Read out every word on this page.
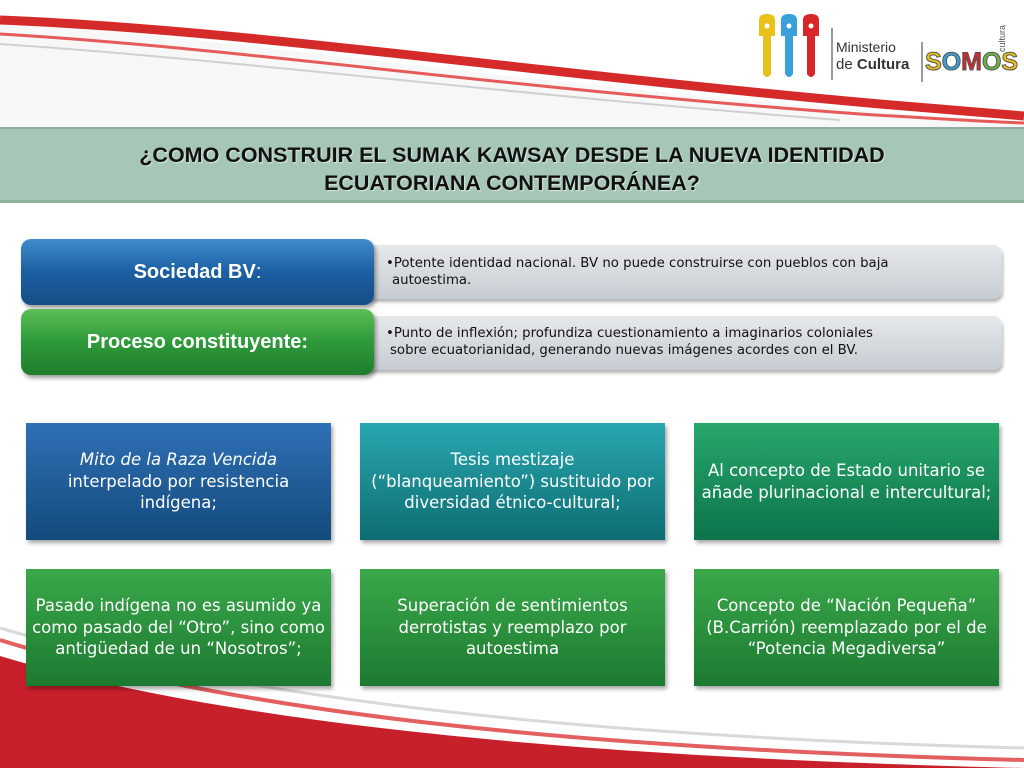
Ministerio
de Cultura S O M O S
cultura
¿COMO CONSTRUIR EL SUMAK KAWSAY DESDE LA NUEVA IDENTIDAD
ECUATORIANA CONTEMPORÁNEA?
•Potente identidad nacional. BV no puede construirse con pueblos con baja
autoestima.
Sociedad BV :
•Punto de inflexión; profundiza cuestionamiento a imaginarios coloniales
sobre ecuatorianidad, generando nuevas imágenes acordes con el BV.
Proceso constituyente:
Mito de la Raza Vencida interpelado por resistencia indígena;
Tesis mestizaje (“blanqueamiento”) sustituido por diversidad étnico-cultural;
Al concepto de Estado unitario se añade plurinacional e intercultural;
Pasado indígena no es asumido ya como pasado del “Otro”, sino como antigüedad de un “Nosotros”;
Superación de sentimientos derrotistas y reemplazo por autoestima
Concepto de “Nación Pequeña” (B.Carrión) reemplazado por el de “Potencia Megadiversa”
